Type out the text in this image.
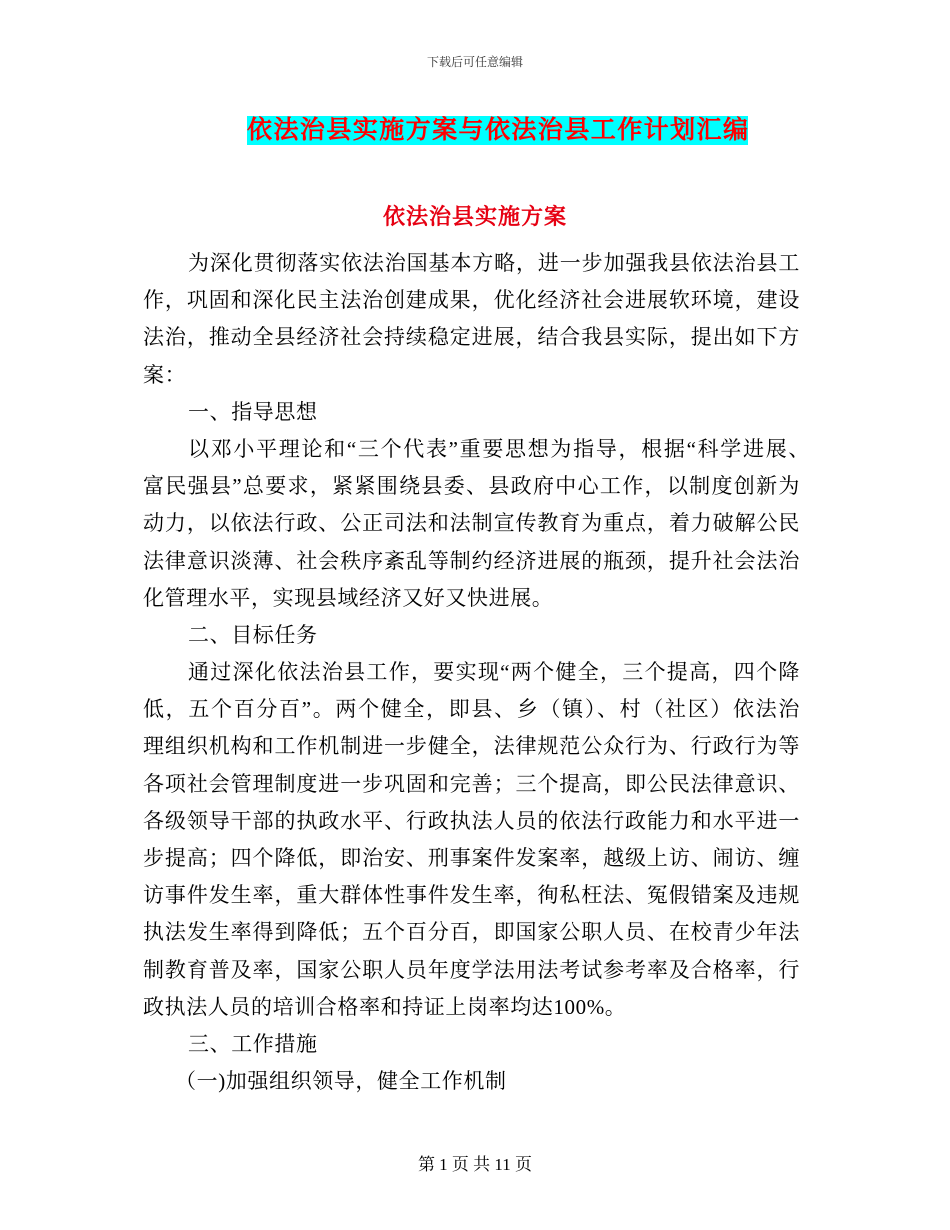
下载后可任意编辑
依法治县实施方案与依法治县工作计划汇编
依法治县实施方案
为深化贯彻落实依法治国基本方略，进一步加强我县依法治县工
作，巩固和深化民主法治创建成果，优化经济社会进展软环境，建设
法治，推动全县经济社会持续稳定进展，结合我县实际，提出如下方
案：
一、指导思想
以邓小平理论和“三个代表”重要思想为指导，根据“科学进展、
富民强县”总要求，紧紧围绕县委、县政府中心工作，以制度创新为
动力，以依法行政、公正司法和法制宣传教育为重点，着力破解公民
法律意识淡薄、社会秩序紊乱等制约经济进展的瓶颈，提升社会法治
化管理水平，实现县域经济又好又快进展。
二、目标任务
通过深化依法治县工作，要实现“两个健全，三个提高，四个降
低，五个百分百”。两个健全，即县、乡（镇）、村（社区）依法治
理组织机构和工作机制进一步健全，法律规范公众行为、行政行为等
各项社会管理制度进一步巩固和完善；三个提高，即公民法律意识、
各级领导干部的执政水平、行政执法人员的依法行政能力和水平进一
步提高；四个降低，即治安、刑事案件发案率，越级上访、闹访、缠
访事件发生率，重大群体性事件发生率，徇私枉法、冤假错案及违规
执法发生率得到降低；五个百分百，即国家公职人员、在校青少年法
制教育普及率，国家公职人员年度学法用法考试参考率及合格率，行
政执法人员的培训合格率和持证上岗率均达100%。
三、工作措施
（一)加强组织领导，健全工作机制
第 1 页 共 11 页
